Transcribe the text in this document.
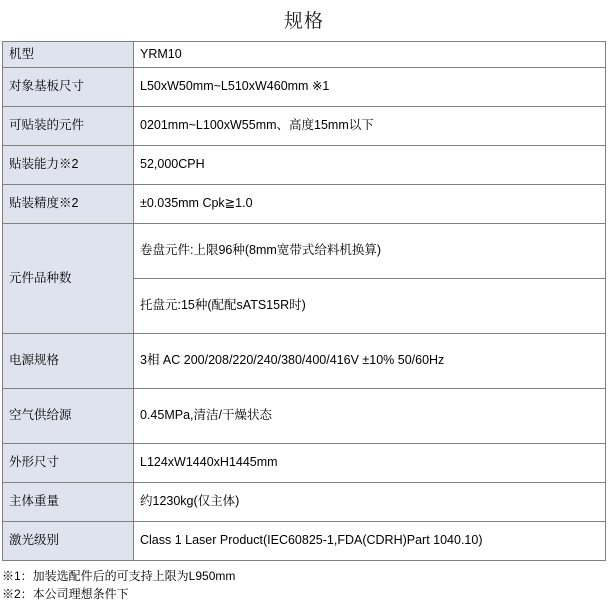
规格
机型	YRM10
对象基板尺寸	L50xW50mm~L510xW460mm ※1
可贴装的元件	0201mm~L100xW55mm、高度15mm以下
贴装能力※2	52,000CPH
贴装精度※2	±0.035mm Cpk≧1.0
元件品种数	卷盘元件:上限96种(8mm宽带式给料机换算)
	托盘元:15种(配配sATS15R时)
电源规格	3相 AC 200/208/220/240/380/400/416V ±10% 50/60Hz
空气供给源	0.45MPa,清洁/干燥状态
外形尺寸	L124xW1440xH1445mm
主体重量	约1230kg(仅主体)
激光级别	Class 1 Laser Product(IEC60825-1,FDA(CDRH)Part 1040.10)
※1：加装选配件后的可支持上限为L950mm
※2：本公司理想条件下
